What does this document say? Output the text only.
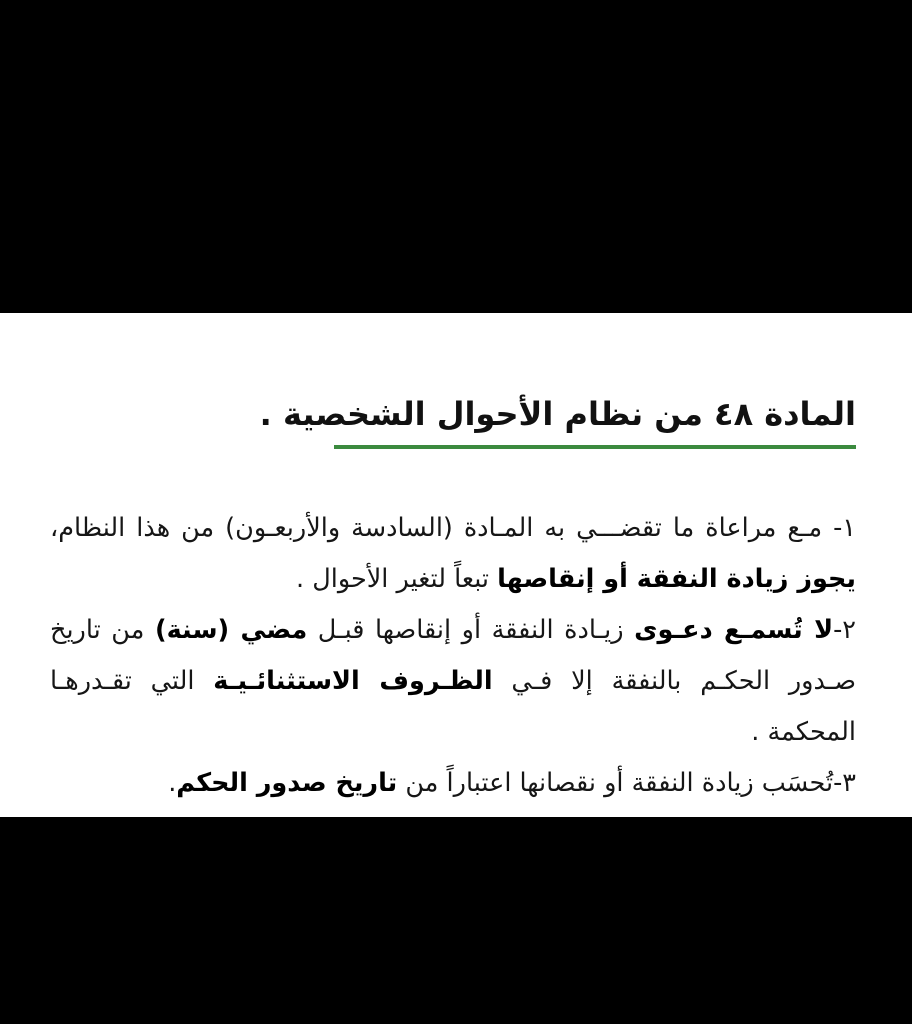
المادة ٤٨ من نظام الأحوال الشخصية .

١- مـع مراعاة ما تقضـــي به المـادة (السادسة والأربعـون) من هذا النظام، يجوز زيادة النفقة أو إنقاصها تبعاً لتغير الأحوال .

٢-لا تُسمـع دعـوى زيـادة النفقة أو إنقاصها قبـل مضي (سنة) من تاريخ صـدور الحكـم بالنفقة إلا فـي الظـروف الاستثنائـيـة التي تقـدرهـا المحكمة .

٣-تُحسَب زيادة النفقة أو نقصانها اعتباراً من تاريخ صدور الحكم.
